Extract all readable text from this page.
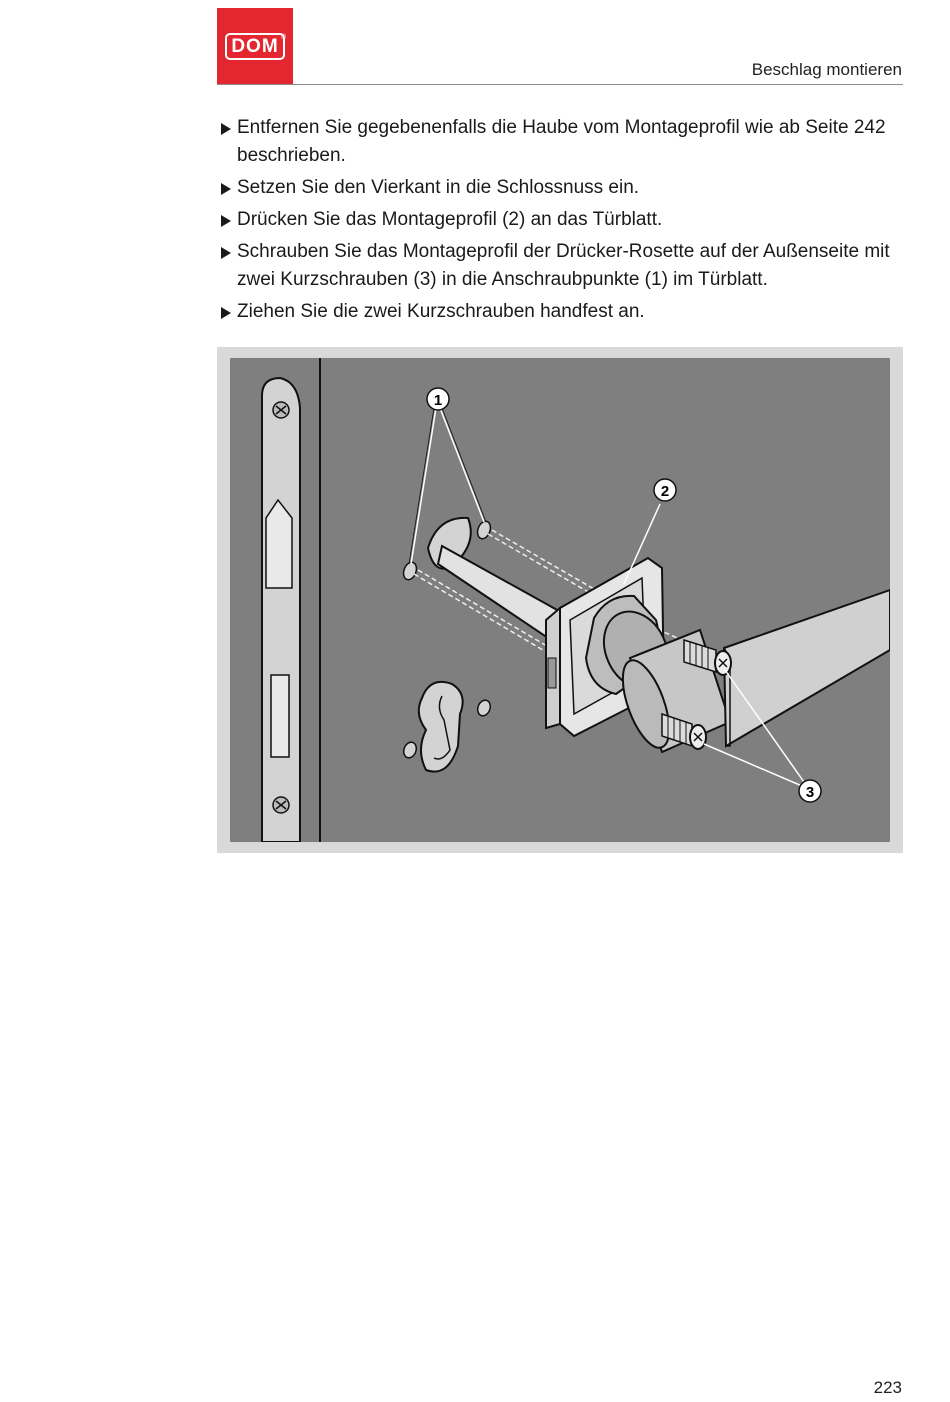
DOM ®
Beschlag montieren
Entfernen Sie gegebenenfalls die Haube vom Montageprofil wie ab Seite 242 beschrieben.
Setzen Sie den Vierkant in die Schlossnuss ein.
Drücken Sie das Montageprofil (2) an das Türblatt.
Schrauben Sie das Montageprofil der Drücker-Rosette auf der Außenseite mit zwei Kurzschrauben (3) in die Anschraubpunkte (1) im Türblatt.
Ziehen Sie die zwei Kurzschrauben handfest an.
1
2
3
223
